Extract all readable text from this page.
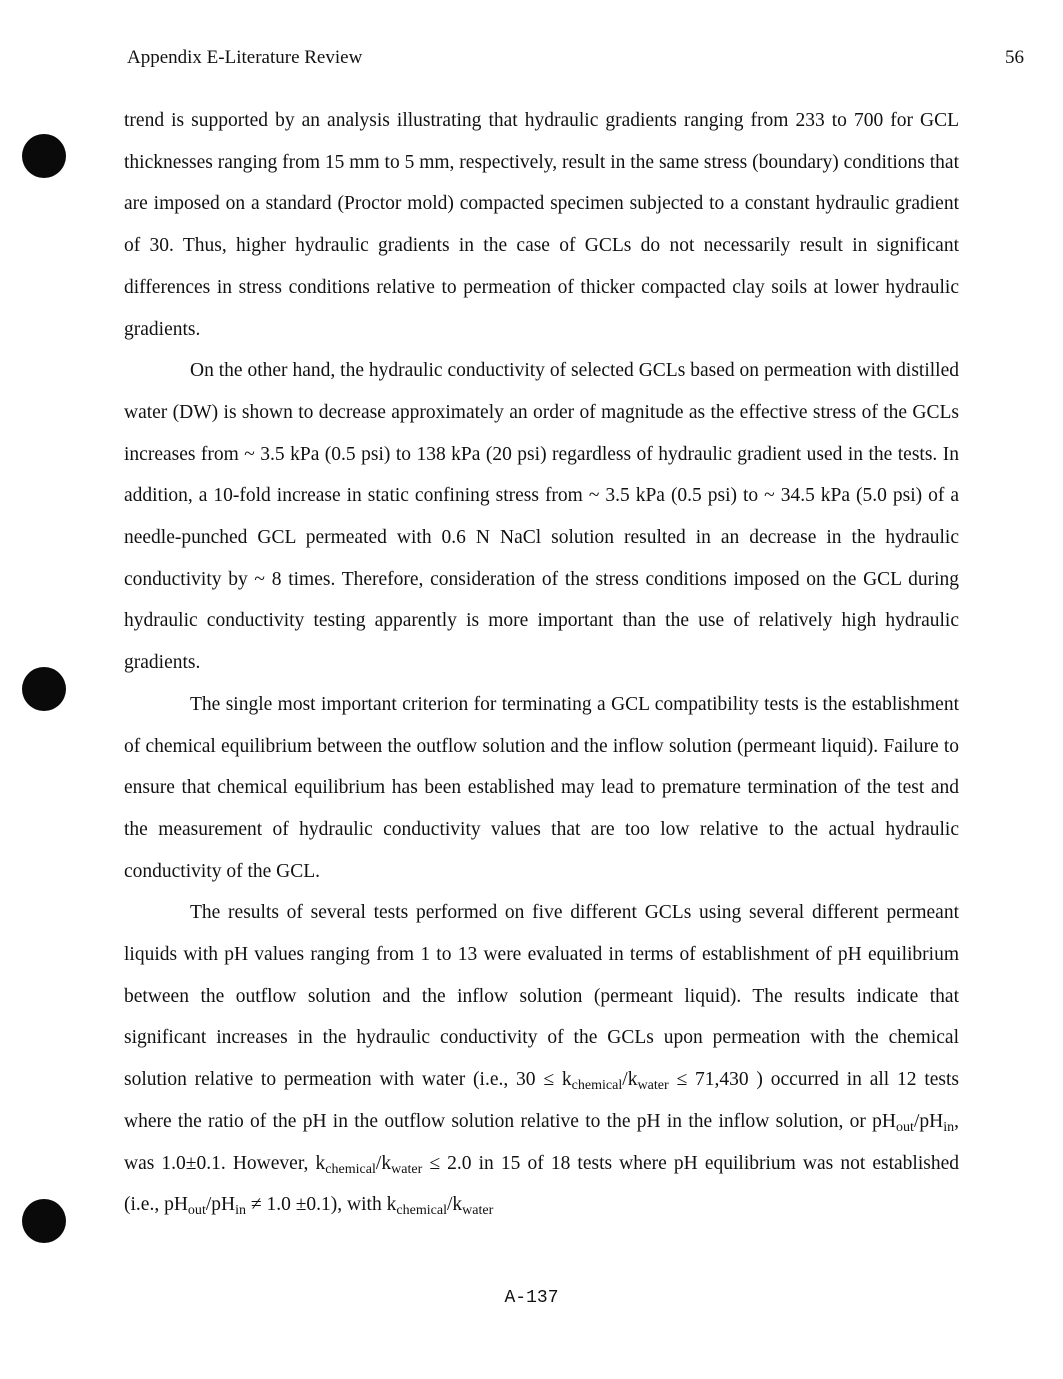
Appendix E-Literature Review	56

trend is supported by an analysis illustrating that hydraulic gradients ranging from 233 to 700 for GCL thicknesses ranging from 15 mm to 5 mm, respectively, result in the same stress (boundary) conditions that are imposed on a standard (Proctor mold) compacted specimen subjected to a constant hydraulic gradient of 30. Thus, higher hydraulic gradients in the case of GCLs do not necessarily result in significant differences in stress conditions relative to permeation of thicker compacted clay soils at lower hydraulic gradients.

On the other hand, the hydraulic conductivity of selected GCLs based on permeation with distilled water (DW) is shown to decrease approximately an order of magnitude as the effective stress of the GCLs increases from ~ 3.5 kPa (0.5 psi) to 138 kPa (20 psi) regardless of hydraulic gradient used in the tests. In addition, a 10-fold increase in static confining stress from ~ 3.5 kPa (0.5 psi) to ~ 34.5 kPa (5.0 psi) of a needle-punched GCL permeated with 0.6 N NaCl solution resulted in an decrease in the hydraulic conductivity by ~ 8 times. Therefore, consideration of the stress conditions imposed on the GCL during hydraulic conductivity testing apparently is more important than the use of relatively high hydraulic gradients.

The single most important criterion for terminating a GCL compatibility tests is the establishment of chemical equilibrium between the outflow solution and the inflow solution (permeant liquid). Failure to ensure that chemical equilibrium has been established may lead to premature termination of the test and the measurement of hydraulic conductivity values that are too low relative to the actual hydraulic conductivity of the GCL.

The results of several tests performed on five different GCLs using several different permeant liquids with pH values ranging from 1 to 13 were evaluated in terms of establishment of pH equilibrium between the outflow solution and the inflow solution (permeant liquid). The results indicate that significant increases in the hydraulic conductivity of the GCLs upon permeation with the chemical solution relative to permeation with water (i.e., $30 \le k_{chemical}/k_{water} \le 71,430$ ) occurred in all 12 tests where the ratio of the pH in the outflow solution relative to the pH in the inflow solution, or $pH_{out}/pH_{in}$, was 1.0±0.1. However, $k_{chemical}/k_{water} \le 2.0$ in 15 of 18 tests where pH equilibrium was not established (i.e., $pH_{out}/pH_{in} \ne 1.0 \pm 0.1$), with $k_{chemical}/k_{water}$

A-137
